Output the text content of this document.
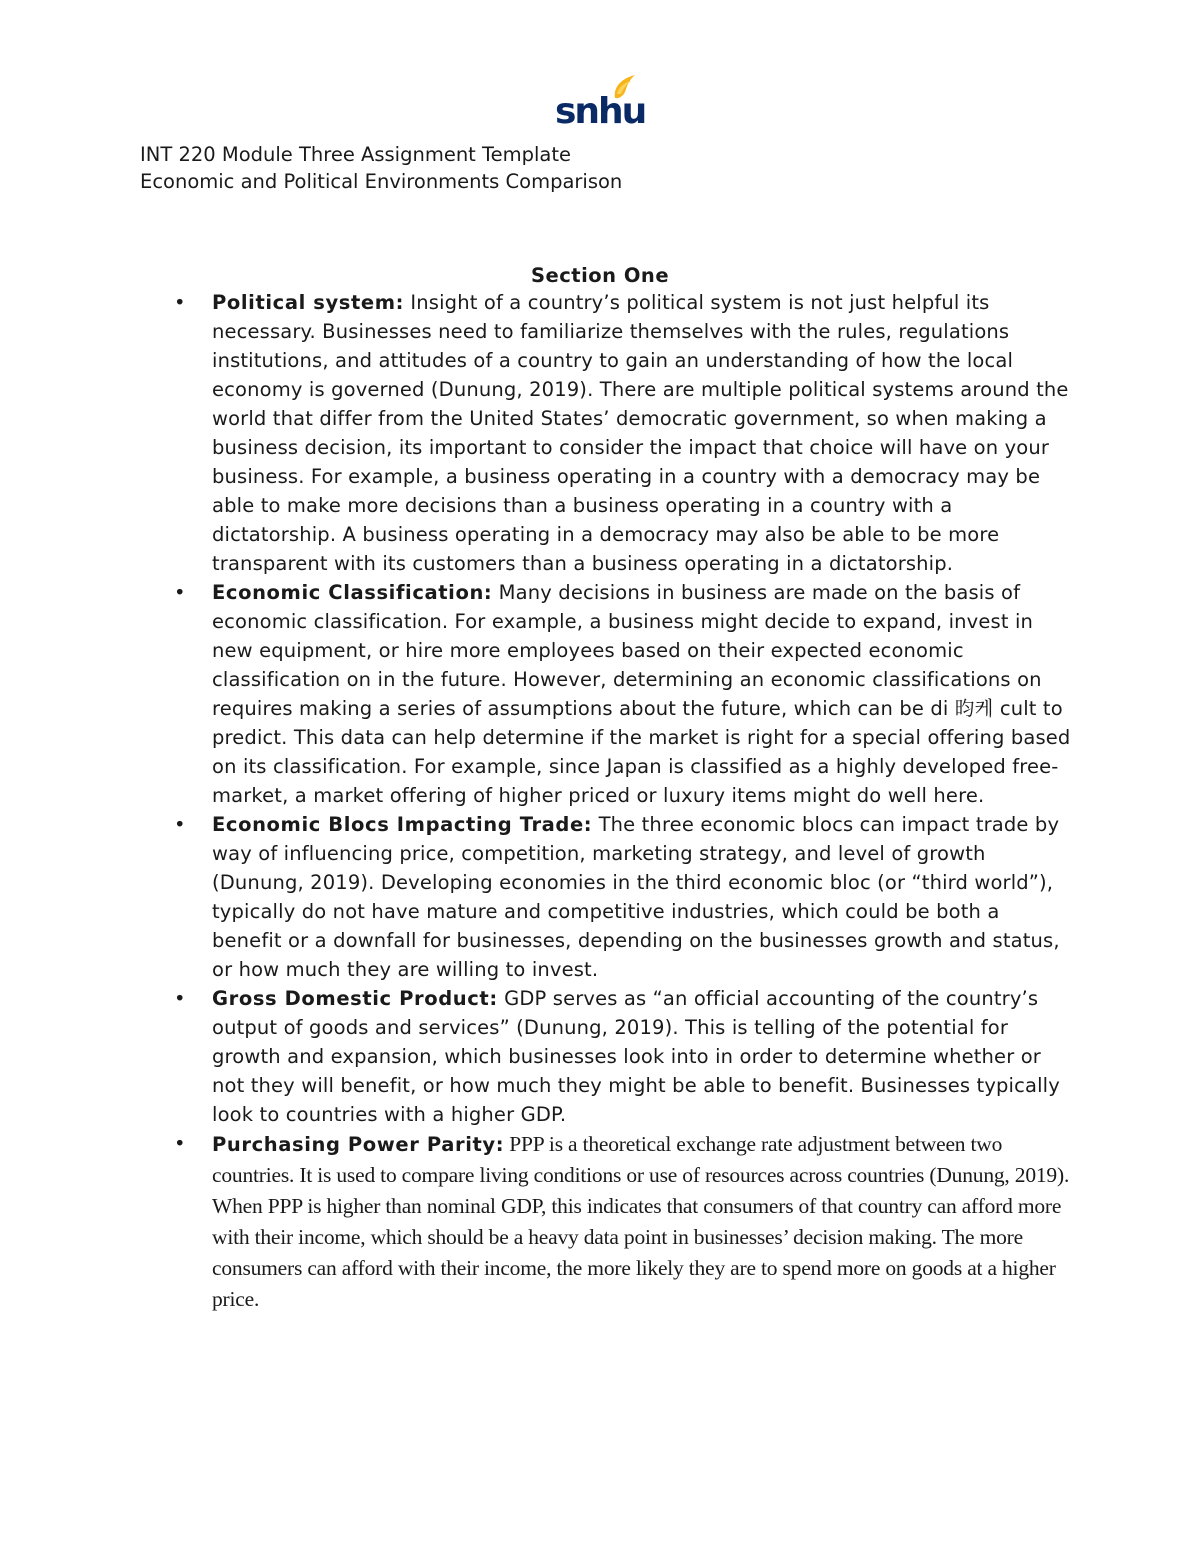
snhu
INT 220 Module Three Assignment Template
Economic and Political Environments Comparison
Section One
• Political system: Insight of a country’s political system is not just helpful its necessary. Businesses need to familiarize themselves with the rules, regulations institutions, and attitudes of a country to gain an understanding of how the local economy is governed (Dunung, 2019). There are multiple political systems around the world that differ from the United States’ democratic government, so when making a business decision, its important to consider the impact that choice will have on your business. For example, a business operating in a country with a democracy may be able to make more decisions than a business operating in a country with a dictatorship. A business operating in a democracy may also be able to be more transparent with its customers than a business operating in a dictatorship.
• Economic Classification: Many decisions in business are made on the basis of economic classification. For example, a business might decide to expand, invest in new equipment, or hire more employees based on their expected economic classification on in the future. However, determining an economic classifications on requires making a series of assumptions about the future, which can be di 昀케 cult to predict. This data can help determine if the market is right for a special offering based on its classification. For example, since Japan is classified as a highly developed free-market, a market offering of higher priced or luxury items might do well here.
• Economic Blocs Impacting Trade: The three economic blocs can impact trade by way of influencing price, competition, marketing strategy, and level of growth (Dunung, 2019). Developing economies in the third economic bloc (or “third world”), typically do not have mature and competitive industries, which could be both a benefit or a downfall for businesses, depending on the businesses growth and status, or how much they are willing to invest.
• Gross Domestic Product: GDP serves as “an official accounting of the country’s output of goods and services” (Dunung, 2019). This is telling of the potential for growth and expansion, which businesses look into in order to determine whether or not they will benefit, or how much they might be able to benefit. Businesses typically look to countries with a higher GDP.
• Purchasing Power Parity: PPP is a theoretical exchange rate adjustment between two countries. It is used to compare living conditions or use of resources across countries (Dunung, 2019). When PPP is higher than nominal GDP, this indicates that consumers of that country can afford more with their income, which should be a heavy data point in businesses’ decision making. The more consumers can afford with their income, the more likely they are to spend more on goods at a higher price.
